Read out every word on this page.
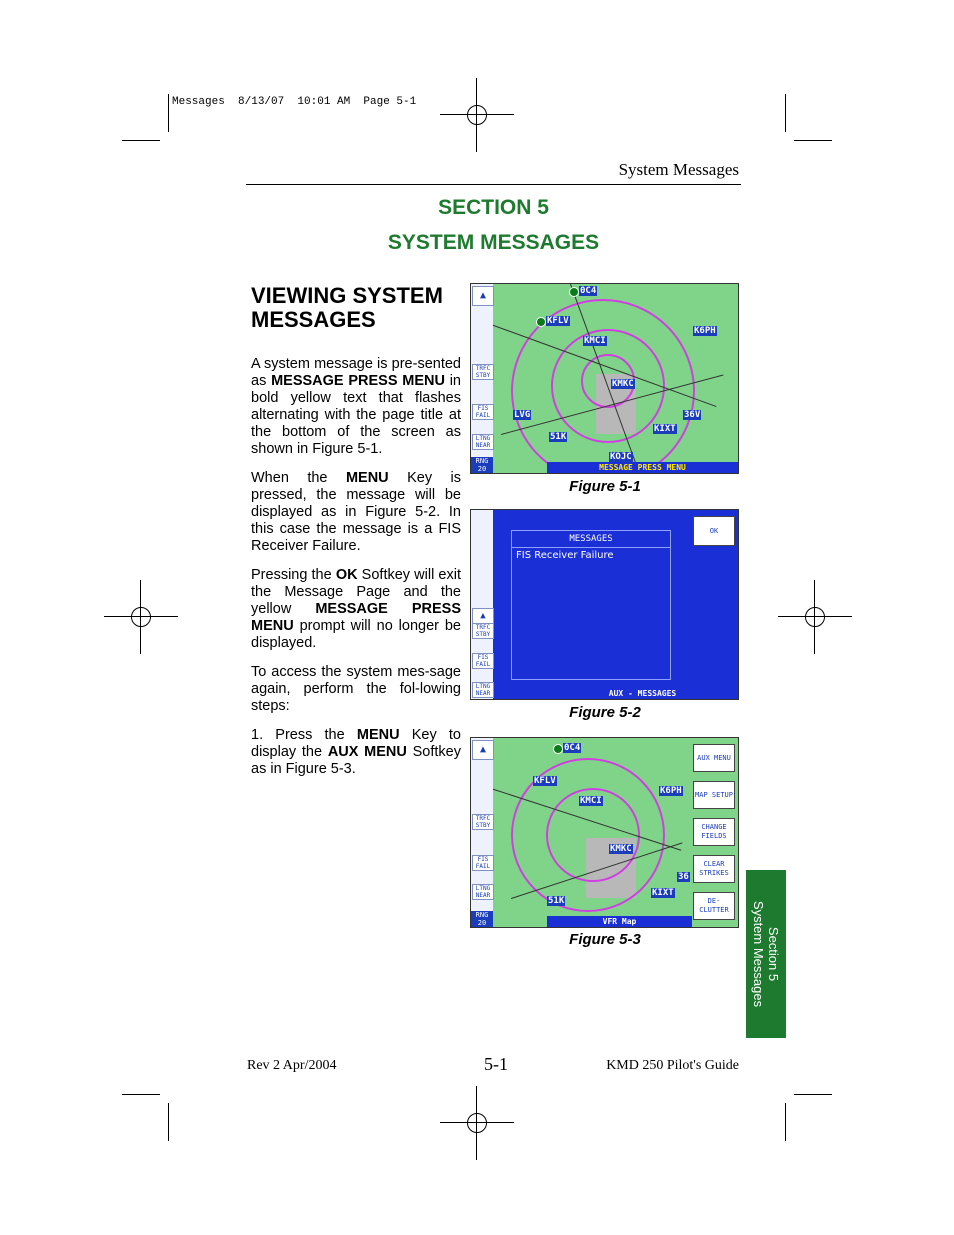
Messages  8/13/07  10:01 AM  Page 5-1
System Messages
SECTION 5
SYSTEM MESSAGES
VIEWING SYSTEM MESSAGES
A system message is pre-sented as MESSAGE PRESS MENU in bold yellow text that flashes alternating with the page title at the bottom of the screen as shown in Figure 5-1.
When the MENU Key is pressed, the message will be displayed as in Figure 5-2. In this case the message is a FIS Receiver Failure.
Pressing the OK Softkey will exit the Message Page and the yellow MESSAGE PRESS MENU prompt will no longer be displayed.
To access the system mes-sage again, perform the fol-lowing steps:
1. Press the MENU Key to display the AUX MENU Softkey as in Figure 5-3.
0C4
KFLV
K6PH
KMCI
KMKC
LVG	36V
51K
KIXT
KOJC
▲
TRFC STBY
FIS FAIL
LTNG NEAR
RNG
20	MESSAGE PRESS MENU
Figure 5-1
▲
TRFC STBY
FIS FAIL
LTNG NEAR
MESSAGES
FIS Receiver Failure
OK
AUX - MESSAGES
Figure 5-2
0C4
KFLV
K6PH
KMCI
KMKC
51K
KIXT
36
▲
TRFC STBY
FIS FAIL
LTNG NEAR
RNG
20
AUX MENU
MAP SETUP
CHANGE FIELDS
CLEAR STRIKES
DE-CLUTTER
VFR Map
Figure 5-3	Section 5
System Messages
Rev 2 Apr/2004	5-1	KMD 250 Pilot's Guide
